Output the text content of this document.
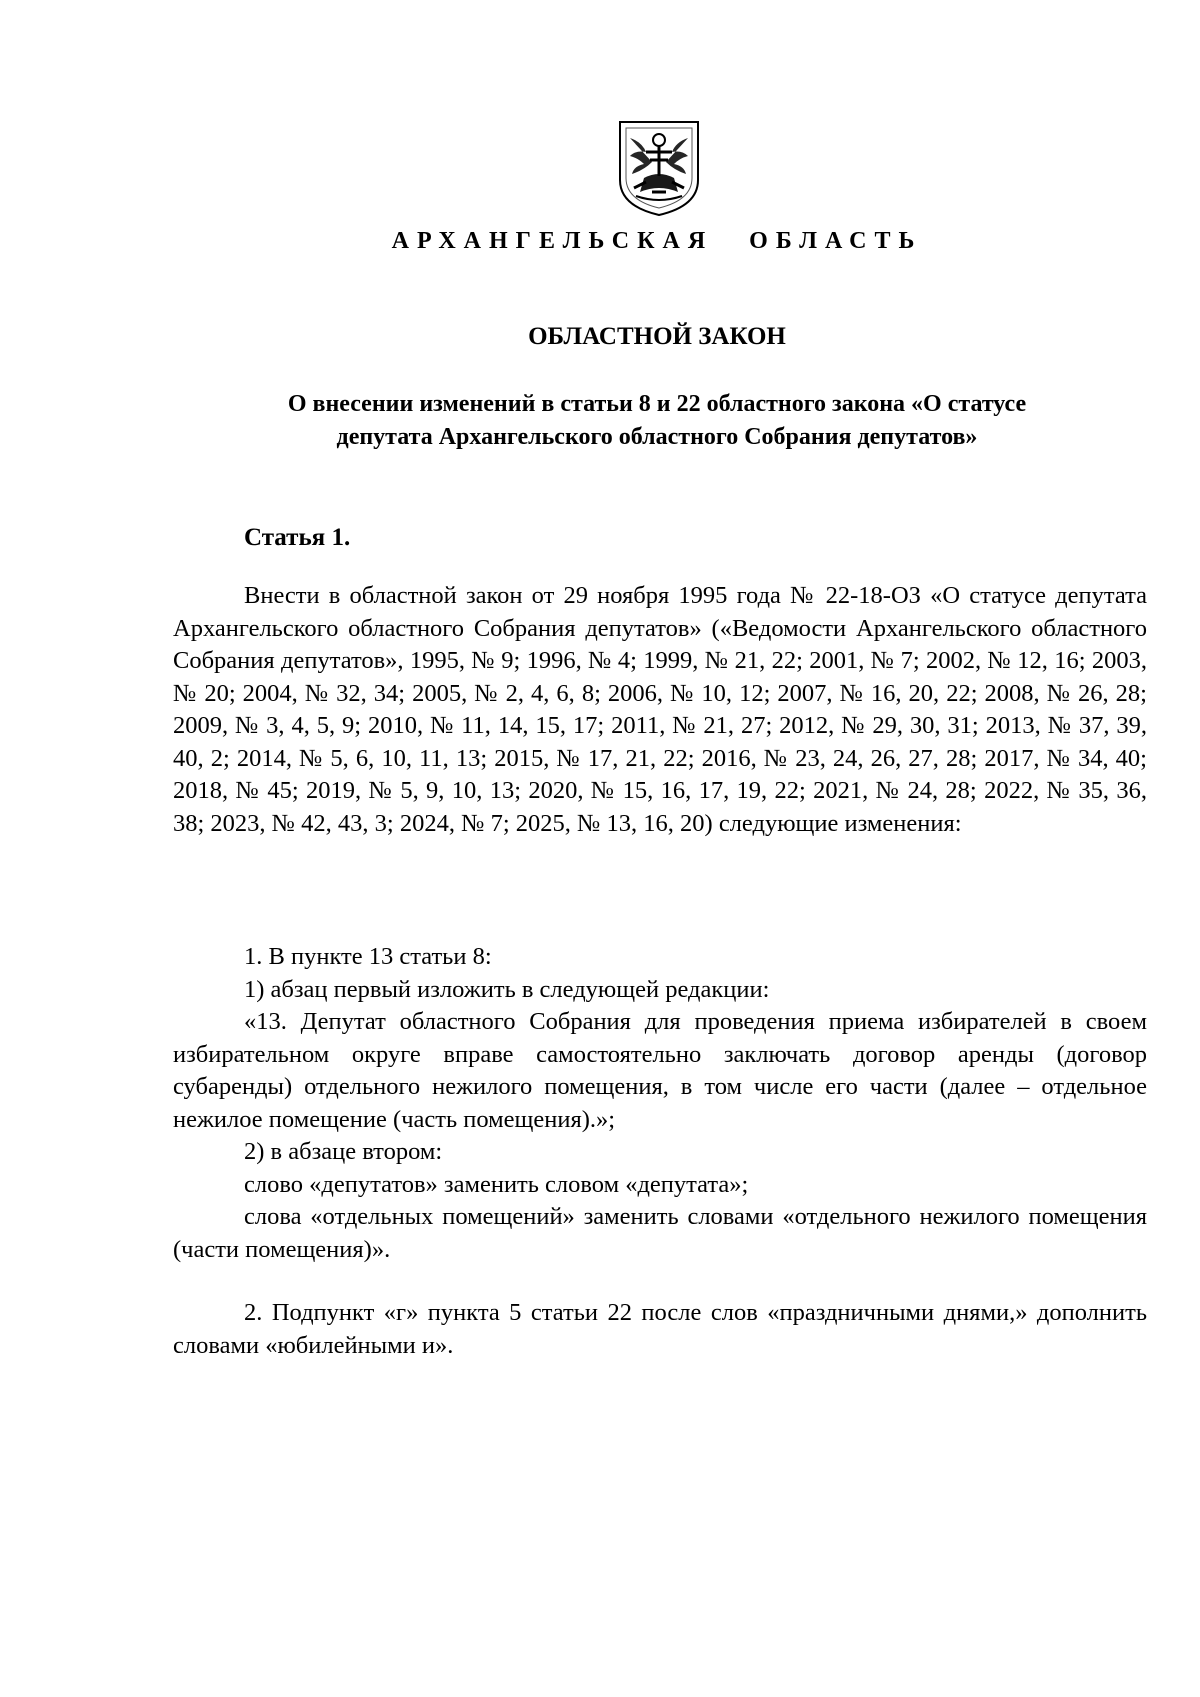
АРХАНГЕЛЬСКАЯ ОБЛАСТЬ
ОБЛАСТНОЙ ЗАКОН
О внесении изменений в статьи 8 и 22 областного закона «О статусе
депутата Архангельского областного Собрания депутатов»
Статья 1.

Внести в областной закон от 29 ноября 1995 года № 22-18-ОЗ «О статусе депутата Архангельского областного Собрания депутатов» («Ведомости Архангельского областного Собрания депутатов», 1995, № 9; 1996, № 4; 1999, № 21, 22; 2001, № 7; 2002, № 12, 16; 2003, № 20; 2004, № 32, 34; 2005, № 2, 4, 6, 8; 2006, № 10, 12; 2007, № 16, 20, 22; 2008, № 26, 28; 2009, № 3, 4, 5, 9; 2010, № 11, 14, 15, 17; 2011, № 21, 27; 2012, № 29, 30, 31; 2013, № 37, 39, 40, 2; 2014, № 5, 6, 10, 11, 13; 2015, № 17, 21, 22; 2016, № 23, 24, 26, 27, 28; 2017, № 34, 40; 2018, № 45; 2019, № 5, 9, 10, 13; 2020, № 15, 16, 17, 19, 22; 2021, № 24, 28; 2022, № 35, 36, 38; 2023, № 42, 43, 3; 2024, № 7; 2025, № 13, 16, 20) следующие изменения:

1. В пункте 13 статьи 8:

1) абзац первый изложить в следующей редакции:

«13. Депутат областного Собрания для проведения приема избирателей в своем избирательном округе вправе самостоятельно заключать договор аренды (договор субаренды) отдельного нежилого помещения, в том числе его части (далее – отдельное нежилое помещение (часть помещения).»;

2) в абзаце втором:

слово «депутатов» заменить словом «депутата»;

слова «отдельных помещений» заменить словами «отдельного нежилого помещения (части помещения)».

2. Подпункт «г» пункта 5 статьи 22 после слов «праздничными днями,» дополнить словами «юбилейными и».
